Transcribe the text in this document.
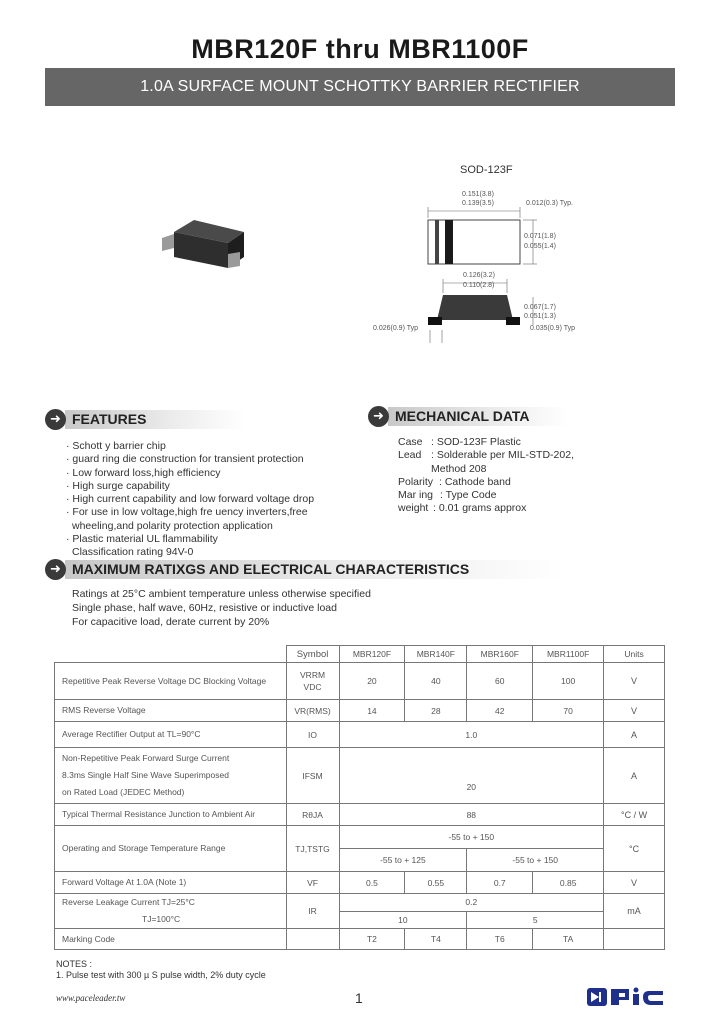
MBR120F thru MBR1100F
1.0A SURFACE MOUNT SCHOTTKY BARRIER RECTIFIER
SOD-123F
0.151(3.8)
0.139(3.5)	0.012(0.3) Typ.
0.071(1.8)
0.055(1.4)
0.126(3.2)
0.110(2.8)
0.067(1.7)
0.051(1.3)
0.026(0.9) Typ	0.035(0.9) Typ
➜ FEATURES
· Schott y barrier chip
· guard ring die construction for transient protection
· Low forward loss,high efficiency
· High surge capability
· High current capability and low forward voltage drop
· For use in low voltage,high fre uency inverters,free
wheeling,and polarity protection application
· Plastic material UL flammability
Classification rating 94V-0
➜ MECHANICAL DATA
Case : SOD-123F Plastic
Lead : Solderable per MIL-STD-202,
Method 208
Polarity : Cathode band
Mar ing : Type Code
weight : 0.01 grams approx
➜ MAXIMUM RATIXGS AND ELECTRICAL CHARACTERISTICS
Ratings at 25°C ambient temperature unless otherwise specified
Single phase, half wave, 60Hz, resistive or inductive load
For capacitive load, derate current by 20%
	Symbol	MBR120F	MBR140F	MBR160F	MBR1100F	Units
Repetitive Peak Reverse Voltage DC Blocking Voltage	VRRM
VDC	20	40	60	100	V
RMS Reverse Voltage	VR(RMS)	14	28	42	70	V
Average Rectifier Output at TL=90°C	IO	1.0				A
Non-Repetitive Peak Forward Surge Current
8.3ms Single Half Sine Wave Superimposed
on Rated Load (JEDEC Method)	IFSM	20				A
Typical Thermal Resistance Junction to Ambient Air	RθJA	88				°C / W
Operating and Storage Temperature Range	TJ,TSTG	-55 to + 150				°C
		-55 to + 125		-55 to + 150		
Forward Voltage At 1.0A (Note 1)	VF	0.5	0.55	0.7	0.85	V

Reverse Leakage Current TJ=25°C
TJ=100°C	IR	0.2				mA
		10		5		
Marking Code		T2	T4	T6	TA	
NOTES :
1. Pulse test with 300 µ S pulse width, 2% duty cycle
www.paceleader.tw	1
